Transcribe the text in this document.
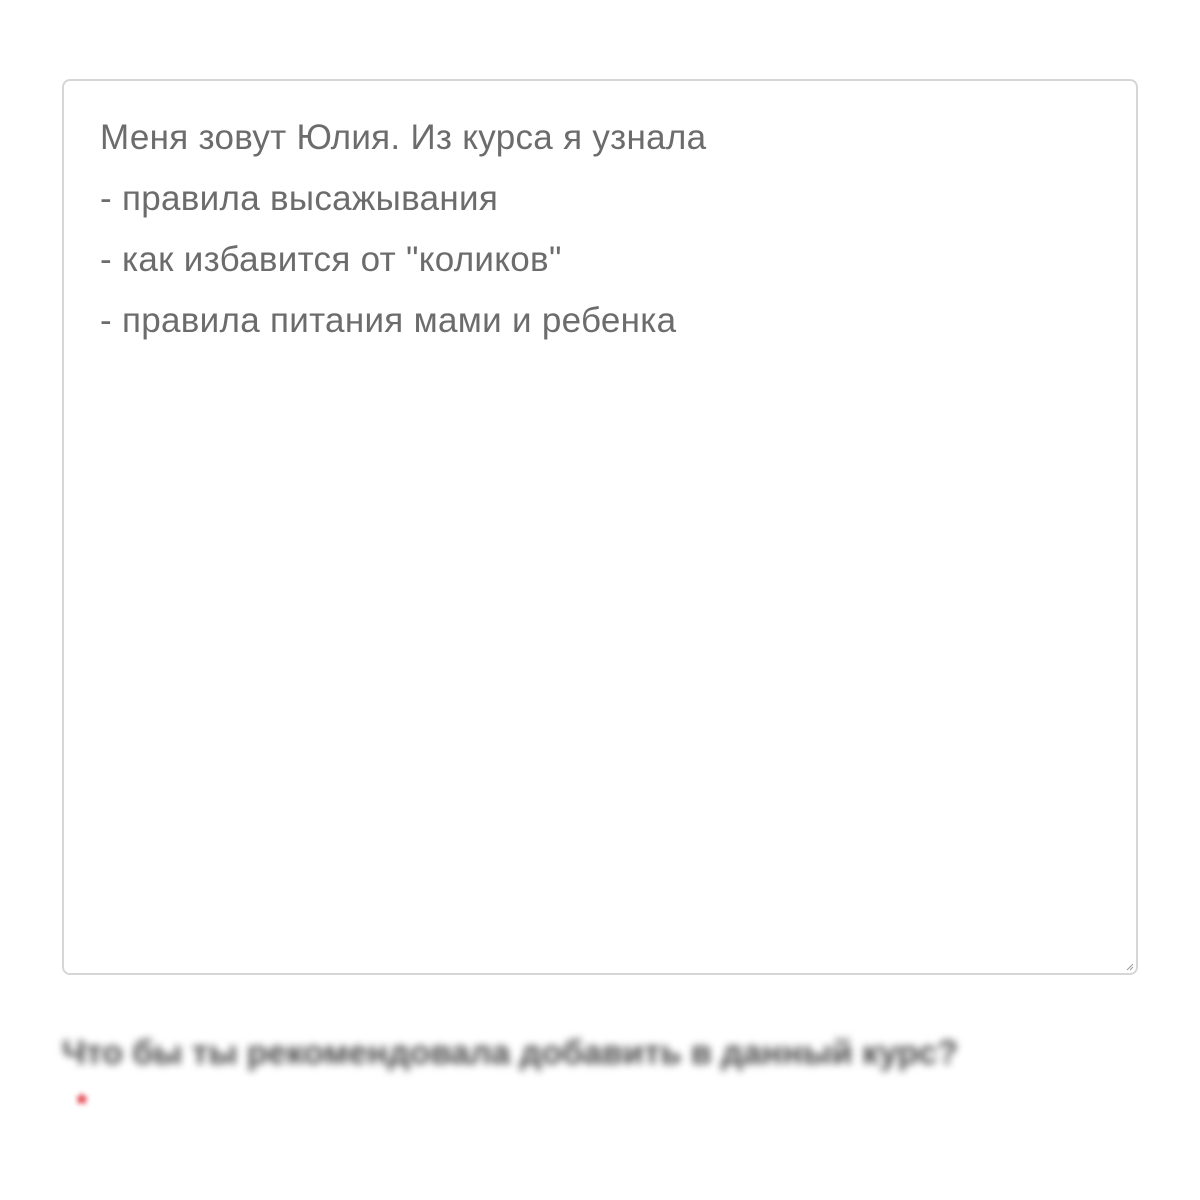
Меня зовут Юлия. Из курса я узнала
- правила высажывания
- как избавится от "коликов"
- правила питания мами и ребенка

Что бы ты рекомендовала добавить в данный курс?

*
